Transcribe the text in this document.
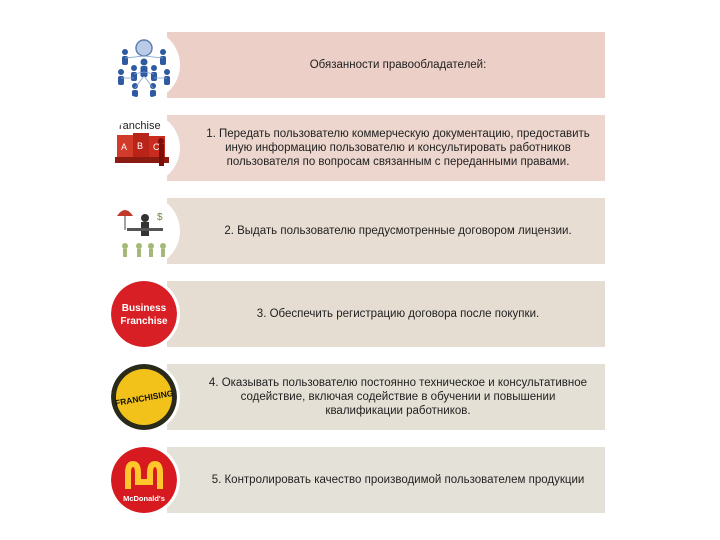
Обязанности правообладателей:
1. Передать пользователю коммерческую документацию, предоставить иную информацию пользователю и консультировать работников пользователя по вопросам связанным с переданными правами.
ranchise
A B C
2. Выдать пользователю предусмотренные договором лицензии.
$
3. Обеспечить регистрацию договора после покупки.
Business
Franchise
4. Оказывать пользователю постоянно техническое и консультативное содействие, включая содействие в обучении и повышении квалификации работников.
FRANCHISING
5. Контролировать качество производимой пользователем продукции
McDonald's
